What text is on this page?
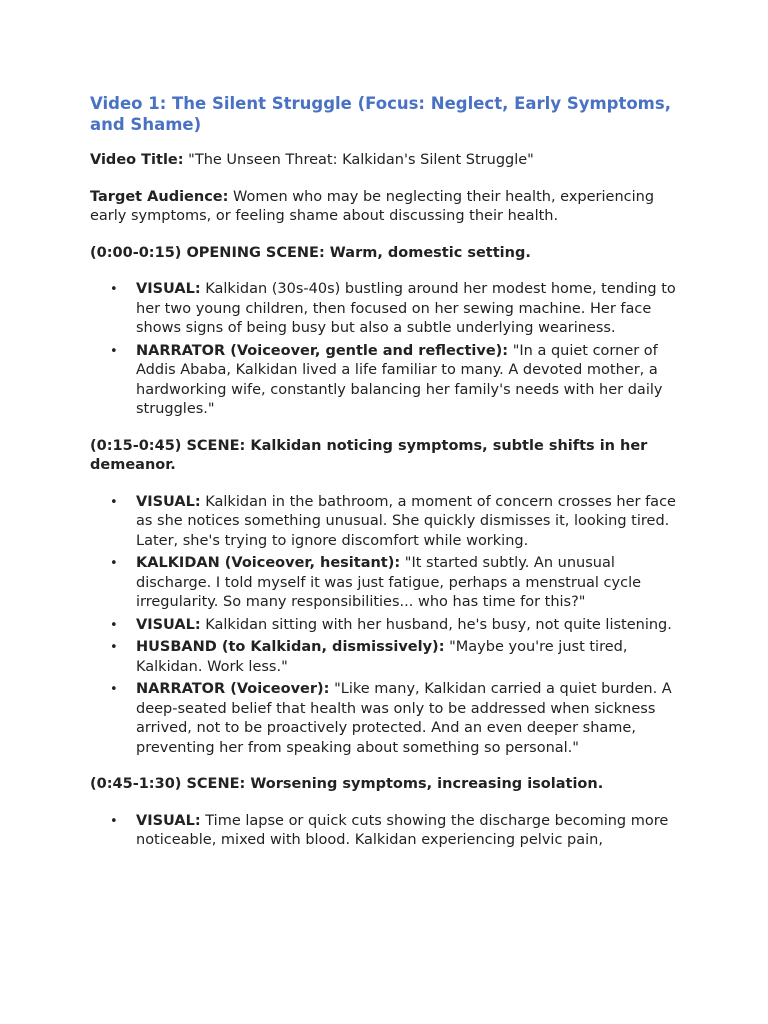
Video 1: The Silent Struggle (Focus: Neglect, Early Symptoms, and Shame)

Video Title: "The Unseen Threat: Kalkidan's Silent Struggle"

Target Audience: Women who may be neglecting their health, experiencing early symptoms, or feeling shame about discussing their health.

(0:00-0:15) OPENING SCENE: Warm, domestic setting.
• VISUAL: Kalkidan (30s-40s) bustling around her modest home, tending to her two young children, then focused on her sewing machine. Her face shows signs of being busy but also a subtle underlying weariness.
• NARRATOR (Voiceover, gentle and reflective): "In a quiet corner of Addis Ababa, Kalkidan lived a life familiar to many. A devoted mother, a hardworking wife, constantly balancing her family's needs with her daily struggles."
(0:15-0:45) SCENE: Kalkidan noticing symptoms, subtle shifts in her demeanor.
• VISUAL: Kalkidan in the bathroom, a moment of concern crosses her face as she notices something unusual. She quickly dismisses it, looking tired. Later, she's trying to ignore discomfort while working.
• KALKIDAN (Voiceover, hesitant): "It started subtly. An unusual discharge. I told myself it was just fatigue, perhaps a menstrual cycle irregularity. So many responsibilities... who has time for this?"
• VISUAL: Kalkidan sitting with her husband, he's busy, not quite listening.
• HUSBAND (to Kalkidan, dismissively): "Maybe you're just tired, Kalkidan. Work less."
• NARRATOR (Voiceover): "Like many, Kalkidan carried a quiet burden. A deep-seated belief that health was only to be addressed when sickness arrived, not to be proactively protected. And an even deeper shame, preventing her from speaking about something so personal."
(0:45-1:30) SCENE: Worsening symptoms, increasing isolation.
• VISUAL: Time lapse or quick cuts showing the discharge becoming more noticeable, mixed with blood. Kalkidan experiencing pelvic pain,
